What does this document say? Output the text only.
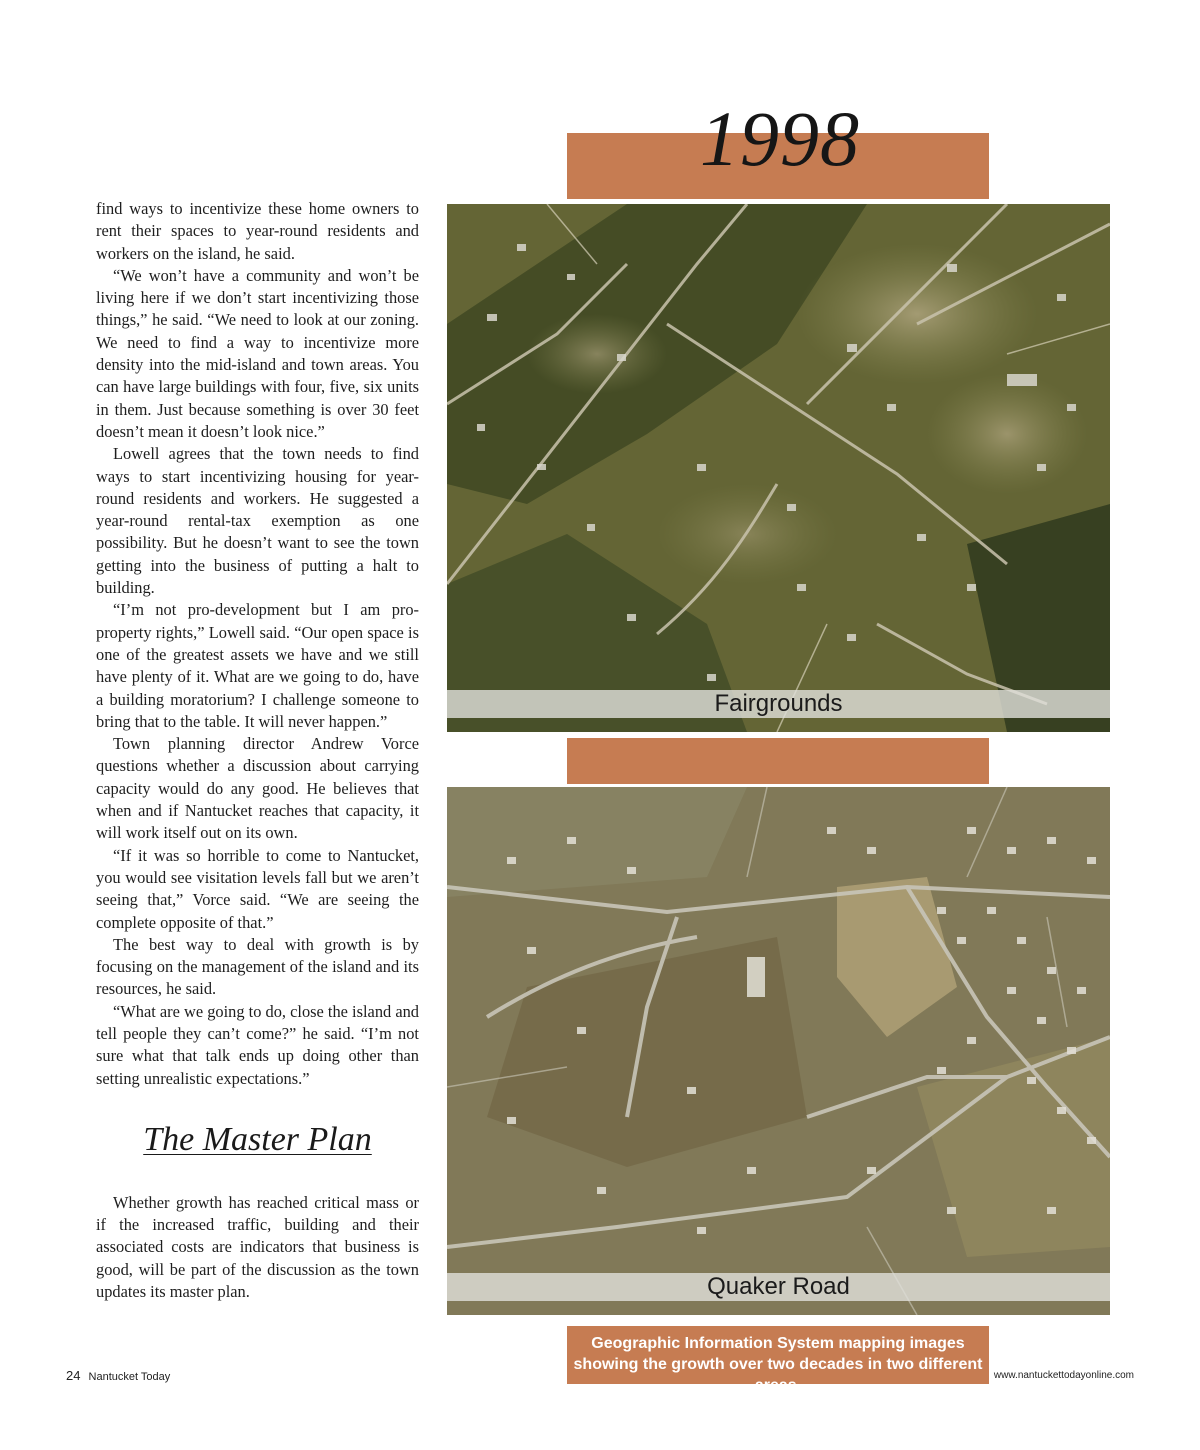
find ways to incentivize these home owners to rent their spaces to year-round residents and workers on the island, he said.

“We won’t have a community and won’t be living here if we don’t start incentivizing those things,” he said. “We need to look at our zoning. We need to find a way to incentivize more density into the mid-island and town areas. You can have large buildings with four, five, six units in them. Just because something is over 30 feet doesn’t mean it doesn’t look nice.”

Lowell agrees that the town needs to find ways to start incentivizing housing for year-round residents and workers. He suggested a year-round rental-tax exemption as one possibility. But he doesn’t want to see the town getting into the business of putting a halt to building.

“I’m not pro-development but I am pro-property rights,” Lowell said. “Our open space is one of the greatest assets we have and we still have plenty of it. What are we going to do, have a building moratorium? I challenge someone to bring that to the table. It will never happen.”

Town planning director Andrew Vorce questions whether a discussion about carrying capacity would do any good. He believes that when and if Nantucket reaches that capacity, it will work itself out on its own.

“If it was so horrible to come to Nantucket, you would see visitation levels fall but we aren’t seeing that,” Vorce said. “We are seeing the complete opposite of that.”

The best way to deal with growth is by focusing on the management of the island and its resources, he said.

“What are we going to do, close the island and tell people they can’t come?” he said. “I’m not sure what that talk ends up doing other than setting unrealistic expectations.”

The Master Plan

Whether growth has reached critical mass or if the increased traffic, building and their associated costs are indicators that business is good, will be part of the discussion as the town updates its master plan.

1998
Fairgrounds
Quaker Road
Geographic Information System mapping images showing the growth over two decades in two different areas.
24 Nantucket Today	www.nantuckettodayonline.com
